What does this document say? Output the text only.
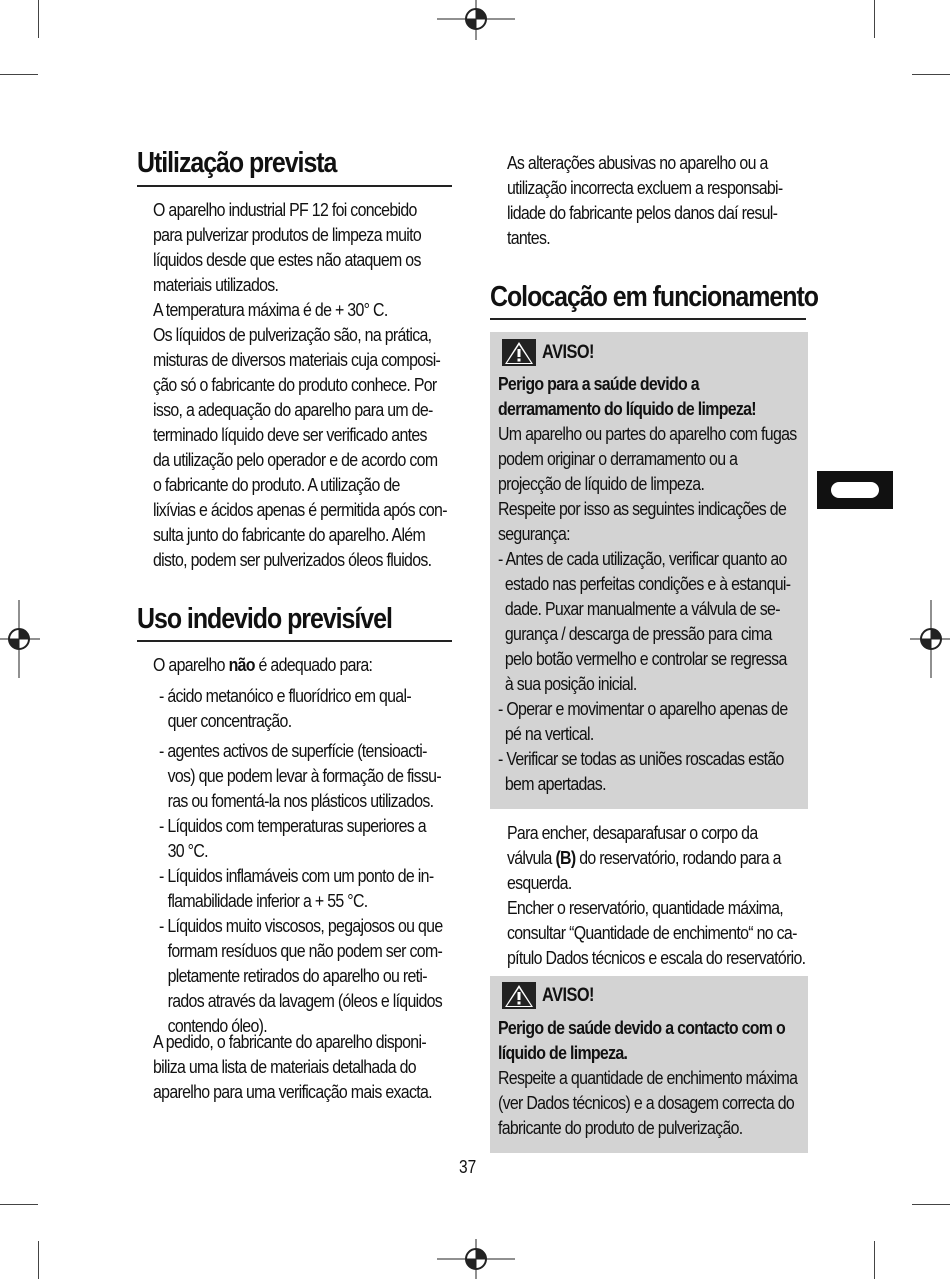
Utilização prevista
O aparelho industrial PF 12 foi concebido
para pulverizar produtos de limpeza muito
líquidos desde que estes não ataquem os
materiais utilizados.
A temperatura máxima é de + 30° C.
Os líquidos de pulverização são, na prática,
misturas de diversos materiais cuja composi-
ção só o fabricante do produto conhece. Por
isso, a adequação do aparelho para um de-
terminado líquido deve ser verificado antes
da utilização pelo operador e de acordo com
o fabricante do produto. A utilização de
lixívias e ácidos apenas é permitida após con-
sulta junto do fabricante do aparelho. Além
disto, podem ser pulverizados óleos fluidos.
Uso indevido previsível
O aparelho não é adequado para:
- ácido metanóico e fluorídrico em qual-
quer concentração.
- agentes activos de superfície (tensioacti-
vos) que podem levar à formação de fissu-
ras ou fomentá-la nos plásticos utilizados.
- Líquidos com temperaturas superiores a
30 °C.
- Líquidos inflamáveis com um ponto de in-
flamabilidade inferior a + 55 °C.
- Líquidos muito viscosos, pegajosos ou que
formam resíduos que não podem ser com-
pletamente retirados do aparelho ou reti-
rados através da lavagem (óleos e líquidos
contendo óleo).
A pedido, o fabricante do aparelho disponi-
biliza uma lista de materiais detalhada do
aparelho para uma verificação mais exacta.
As alterações abusivas no aparelho ou a
utilização incorrecta excluem a responsabi-
lidade do fabricante pelos danos daí resul-
tantes.
Colocação em funcionamento
AVISO!
Perigo para a saúde devido a
derramamento do líquido de limpeza!
Um aparelho ou partes do aparelho com fugas
podem originar o derramamento ou a
projecção de líquido de limpeza.
Respeite por isso as seguintes indicações de
segurança:
- Antes de cada utilização, verificar quanto ao
estado nas perfeitas condições e à estanqui-
dade. Puxar manualmente a válvula de se-
gurança / descarga de pressão para cima
pelo botão vermelho e controlar se regressa
à sua posição inicial.
- Operar e movimentar o aparelho apenas de
pé na vertical.
- Verificar se todas as uniões roscadas estão
bem apertadas.
Para encher, desaparafusar o corpo da
válvula (B) do reservatório, rodando para a
esquerda.
Encher o reservatório, quantidade máxima,
consultar “Quantidade de enchimento“ no ca-
pítulo Dados técnicos e escala do reservatório.
AVISO!
Perigo de saúde devido a contacto com o
líquido de limpeza.
Respeite a quantidade de enchimento máxima
(ver Dados técnicos) e a dosagem correcta do
fabricante do produto de pulverização.
37
